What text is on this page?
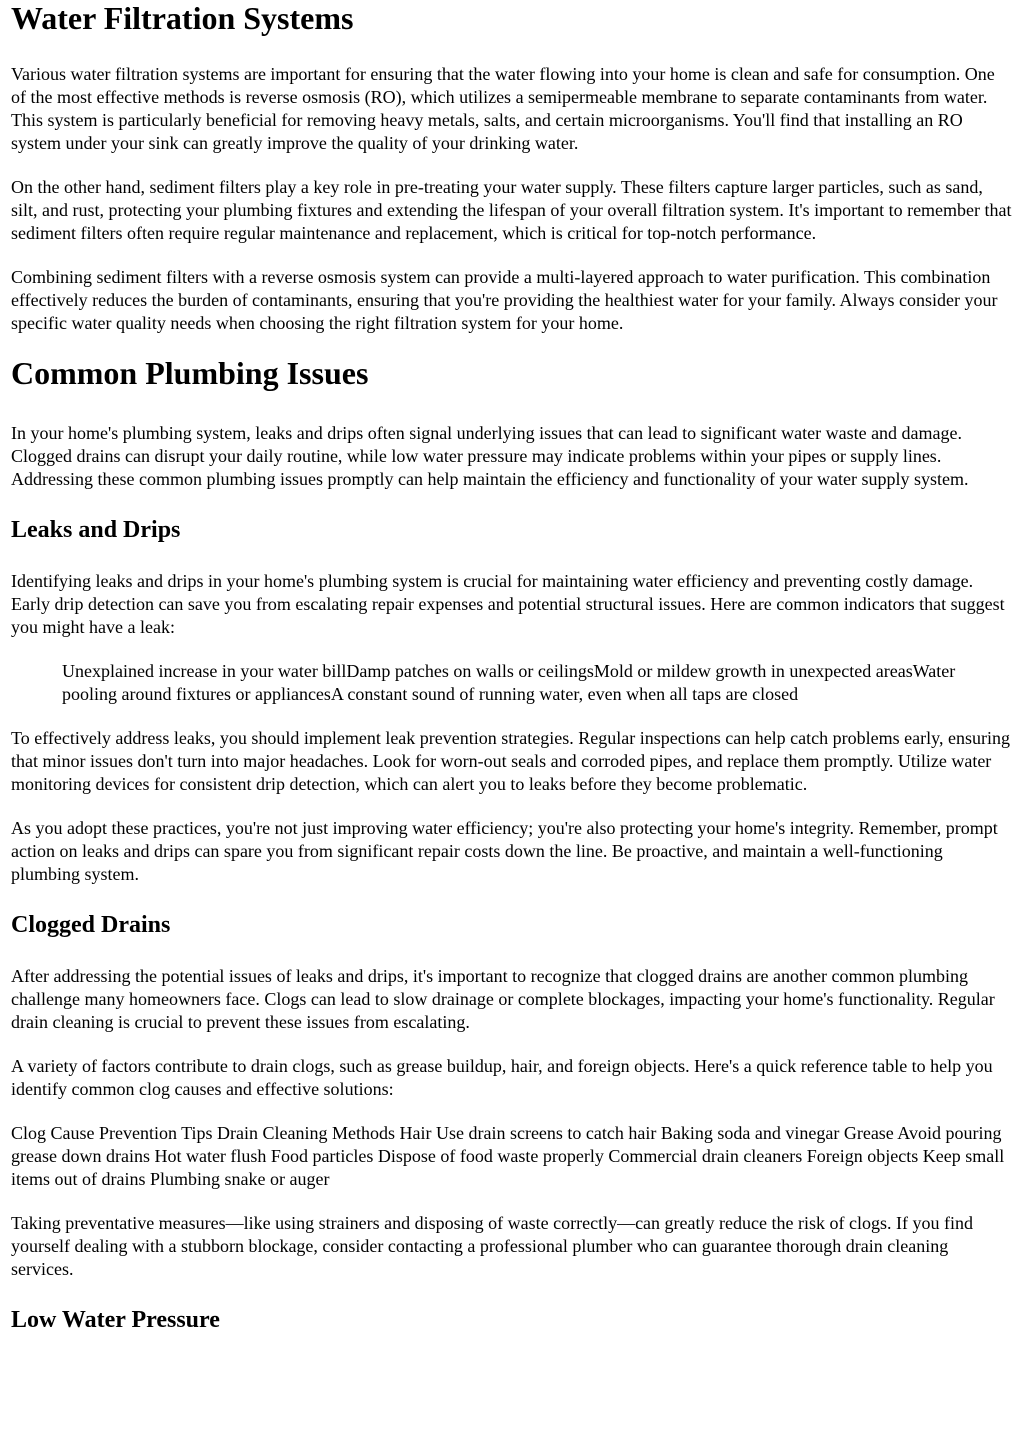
Water Filtration Systems

Various water filtration systems are important for ensuring that the water flowing into your home is clean and safe for consumption. One of the most effective methods is reverse osmosis (RO), which utilizes a semipermeable membrane to separate contaminants from water. This system is particularly beneficial for removing heavy metals, salts, and certain microorganisms. You'll find that installing an RO system under your sink can greatly improve the quality of your drinking water.

On the other hand, sediment filters play a key role in pre-treating your water supply. These filters capture larger particles, such as sand, silt, and rust, protecting your plumbing fixtures and extending the lifespan of your overall filtration system. It's important to remember that sediment filters often require regular maintenance and replacement, which is critical for top-notch performance.

Combining sediment filters with a reverse osmosis system can provide a multi-layered approach to water purification. This combination effectively reduces the burden of contaminants, ensuring that you're providing the healthiest water for your family. Always consider your specific water quality needs when choosing the right filtration system for your home.

Common Plumbing Issues

In your home's plumbing system, leaks and drips often signal underlying issues that can lead to significant water waste and damage. Clogged drains can disrupt your daily routine, while low water pressure may indicate problems within your pipes or supply lines. Addressing these common plumbing issues promptly can help maintain the efficiency and functionality of your water supply system.

Leaks and Drips

Identifying leaks and drips in your home's plumbing system is crucial for maintaining water efficiency and preventing costly damage. Early drip detection can save you from escalating repair expenses and potential structural issues. Here are common indicators that suggest you might have a leak:

Unexplained increase in your water billDamp patches on walls or ceilingsMold or mildew growth in unexpected areasWater pooling around fixtures or appliancesA constant sound of running water, even when all taps are closed

To effectively address leaks, you should implement leak prevention strategies. Regular inspections can help catch problems early, ensuring that minor issues don't turn into major headaches. Look for worn-out seals and corroded pipes, and replace them promptly. Utilize water monitoring devices for consistent drip detection, which can alert you to leaks before they become problematic.

As you adopt these practices, you're not just improving water efficiency; you're also protecting your home's integrity. Remember, prompt action on leaks and drips can spare you from significant repair costs down the line. Be proactive, and maintain a well-functioning plumbing system.

Clogged Drains

After addressing the potential issues of leaks and drips, it's important to recognize that clogged drains are another common plumbing challenge many homeowners face. Clogs can lead to slow drainage or complete blockages, impacting your home's functionality. Regular drain cleaning is crucial to prevent these issues from escalating.

A variety of factors contribute to drain clogs, such as grease buildup, hair, and foreign objects. Here's a quick reference table to help you identify common clog causes and effective solutions:

Clog Cause Prevention Tips Drain Cleaning Methods Hair Use drain screens to catch hair Baking soda and vinegar Grease Avoid pouring grease down drains Hot water flush Food particles Dispose of food waste properly Commercial drain cleaners Foreign objects Keep small items out of drains Plumbing snake or auger

Taking preventative measures—like using strainers and disposing of waste correctly—can greatly reduce the risk of clogs. If you find yourself dealing with a stubborn blockage, consider contacting a professional plumber who can guarantee thorough drain cleaning services.

Low Water Pressure
